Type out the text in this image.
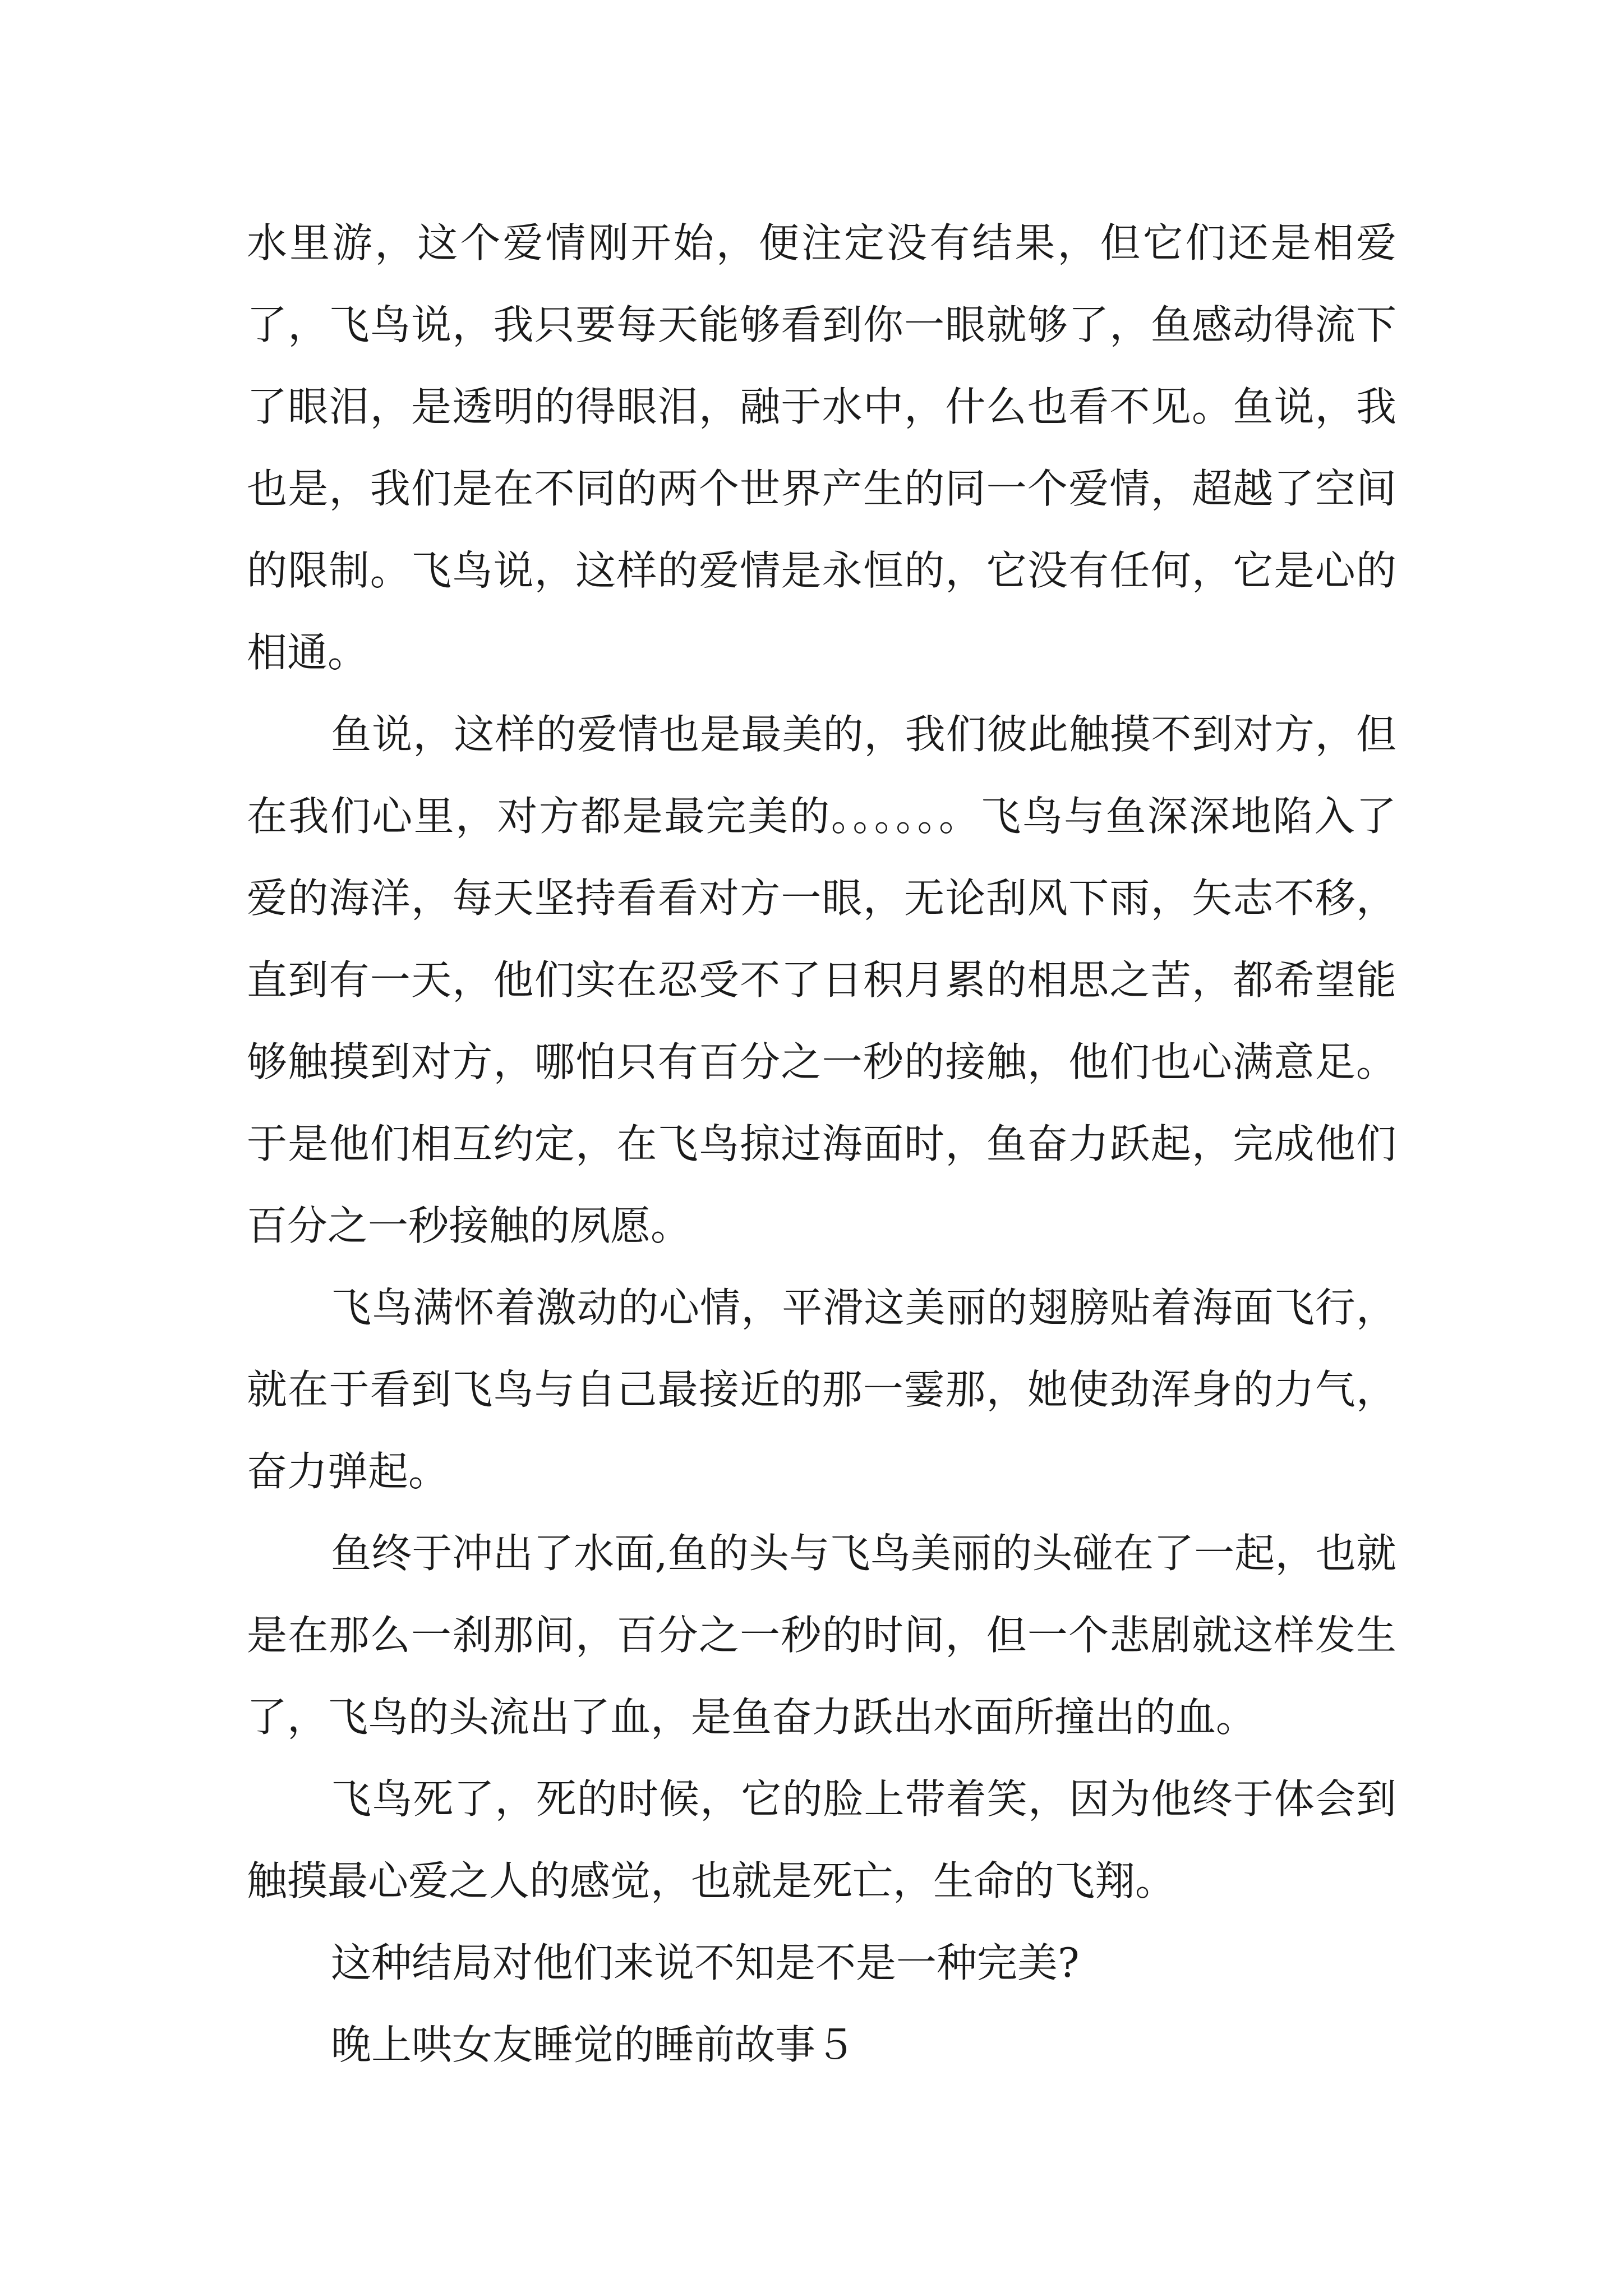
水里游，这个爱情刚开始，便注定没有结果，但它们还是相爱了，飞鸟说，我只要每天能够看到你一眼就够了，鱼感动得流下了眼泪，是透明的得眼泪，融于水中，什么也看不见。鱼说，我也是，我们是在不同的两个世界产生的同一个爱情，超越了空间的限制。飞鸟说，这样的爱情是永恒的，它没有任何，它是心的相通。

鱼说，这样的爱情也是最美的，我们彼此触摸不到对方，但在我们心里，对方都是最完美的。。。。。。飞鸟与鱼深深地陷入了爱的海洋，每天坚持看看对方一眼，无论刮风下雨，矢志不移，直到有一天，他们实在忍受不了日积月累的相思之苦，都希望能够触摸到对方，哪怕只有百分之一秒的接触，他们也心满意足。于是他们相互约定，在飞鸟掠过海面时，鱼奋力跃起，完成他们百分之一秒接触的夙愿。

飞鸟满怀着激动的心情，平滑这美丽的翅膀贴着海面飞行，就在于看到飞鸟与自己最接近的那一霎那，她使劲浑身的力气，奋力弹起。

鱼终于冲出了水面,鱼的头与飞鸟美丽的头碰在了一起，也就是在那么一刹那间，百分之一秒的时间，但一个悲剧就这样发生了，飞鸟的头流出了血，是鱼奋力跃出水面所撞出的血。

飞鸟死了，死的时候，它的脸上带着笑，因为他终于体会到触摸最心爱之人的感觉，也就是死亡，生命的飞翔。

这种结局对他们来说不知是不是一种完美?

晚上哄女友睡觉的睡前故事５
